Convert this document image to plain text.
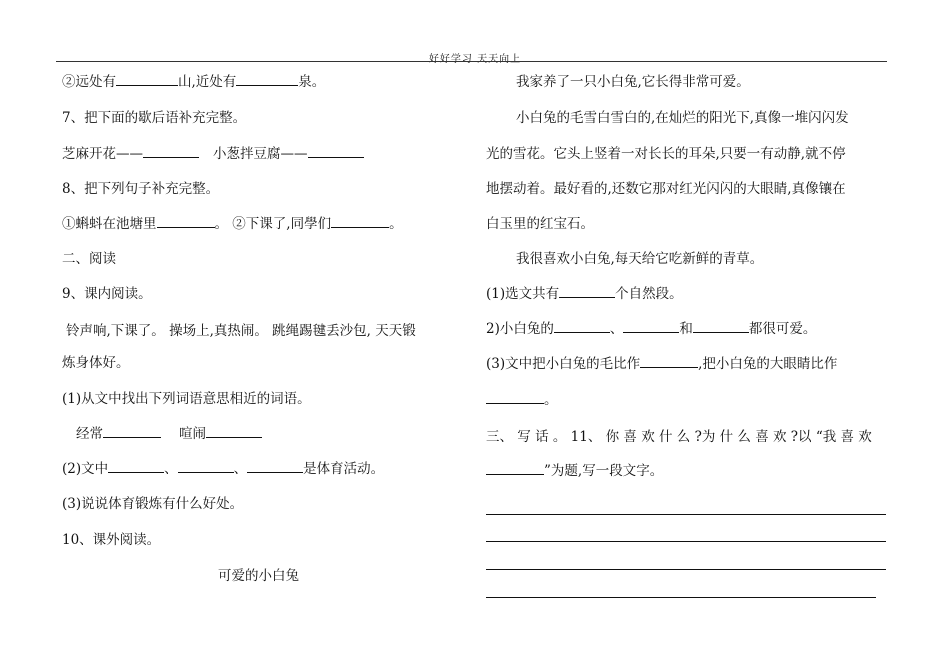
好好学习 天天向上
②远处有	山,近处有	泉。
7、把下面的歇后语补充完整。
芝麻开花——	小葱拌豆腐——
8、把下列句子补充完整。
①蝌蚪在池塘里	。 ②下课了,同學们	。
二、阅读
9、课内阅读。
铃声响,下课了。 操场上,真热闹。 跳绳踢毽丢沙包, 天天锻
炼身体好。
(1)从文中找出下列词语意思相近的词语。
经常	喧闹
(2)文中	、	、	是体育活动。
(3)说说体育锻炼有什么好处。
10、课外阅读。
可爱的小白兔
我家养了一只小白兔,它长得非常可爱。
小白兔的毛雪白雪白的,在灿烂的阳光下,真像一堆闪闪发
光的雪花。它头上竖着一对长长的耳朵,只要一有动静,就不停
地摆动着。最好看的,还数它那对红光闪闪的大眼睛,真像镶在
白玉里的红宝石。
我很喜欢小白兔,每天给它吃新鲜的青草。
(1)选文共有	个自然段。
2)小白兔的	、	和	都很可爱。
(3)文中把小白兔的毛比作	,把小白兔的大眼睛比作
。
三、 写 话 。 11、 你 喜 欢 什 么 ?为 什 么 喜 欢 ?以 “我 喜 欢
”为题,写一段文字。
